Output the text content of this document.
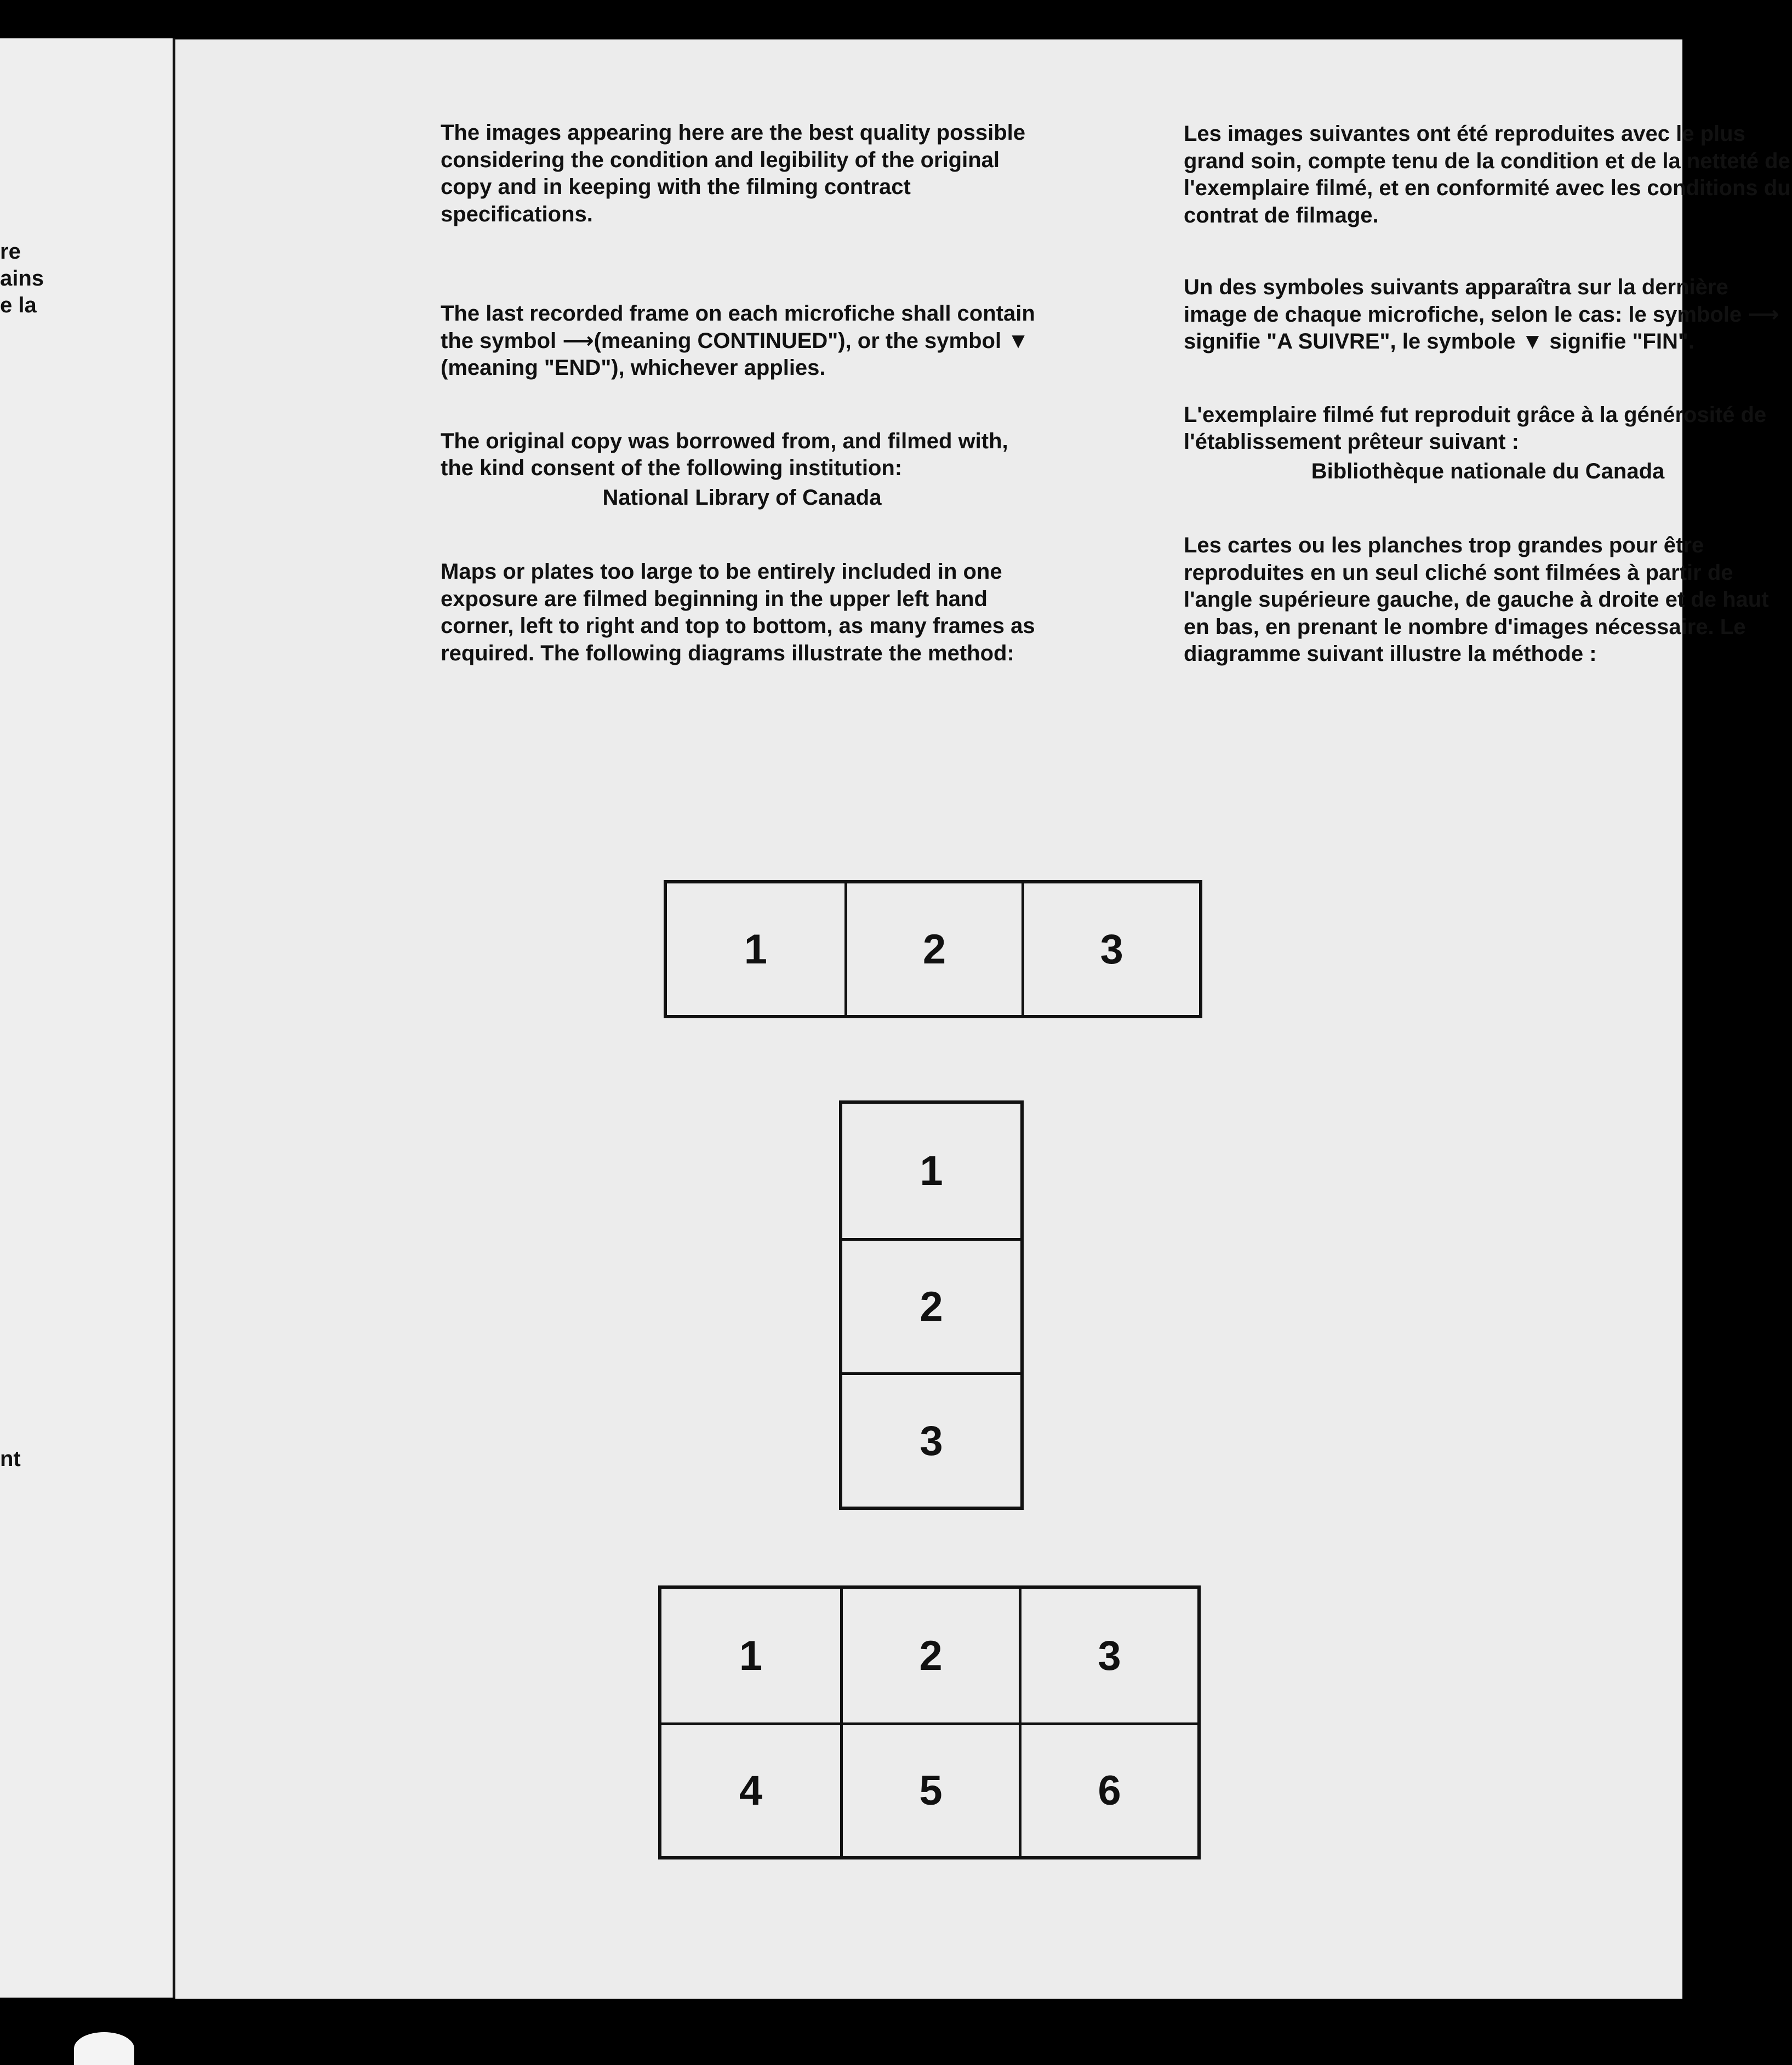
re

ains

e la

nt

The images appearing here are the best quality possible considering the condition and legibility of the original copy and in keeping with the filming contract specifications.

The last recorded frame on each microfiche shall contain the symbol ⟶(meaning CONTINUED"), or the symbol ▼ (meaning "END"), whichever applies.

The original copy was borrowed from, and filmed with, the kind consent of the following institution:

National Library of Canada

Maps or plates too large to be entirely included in one exposure are filmed beginning in the upper left hand corner, left to right and top to bottom, as many frames as required. The following diagrams illustrate the method:

Les images suivantes ont été reproduites avec le plus grand soin, compte tenu de la condition et de la netteté de l'exemplaire filmé, et en conformité avec les conditions du contrat de filmage.

Un des symboles suivants apparaîtra sur la dernière image de chaque microfiche, selon le cas: le symbole ⟶ signifie "A SUIVRE", le symbole ▼ signifie "FIN".

L'exemplaire filmé fut reproduit grâce à la générosité de l'établissement prêteur suivant :

Bibliothèque nationale du Canada

Les cartes ou les planches trop grandes pour être reproduites en un seul cliché sont filmées à partir de l'angle supérieure gauche, de gauche à droite et de haut en bas, en prenant le nombre d'images nécessaire. Le diagramme suivant illustre la méthode :

1	2	3
1
2
3
1	2	3
4	5	6
